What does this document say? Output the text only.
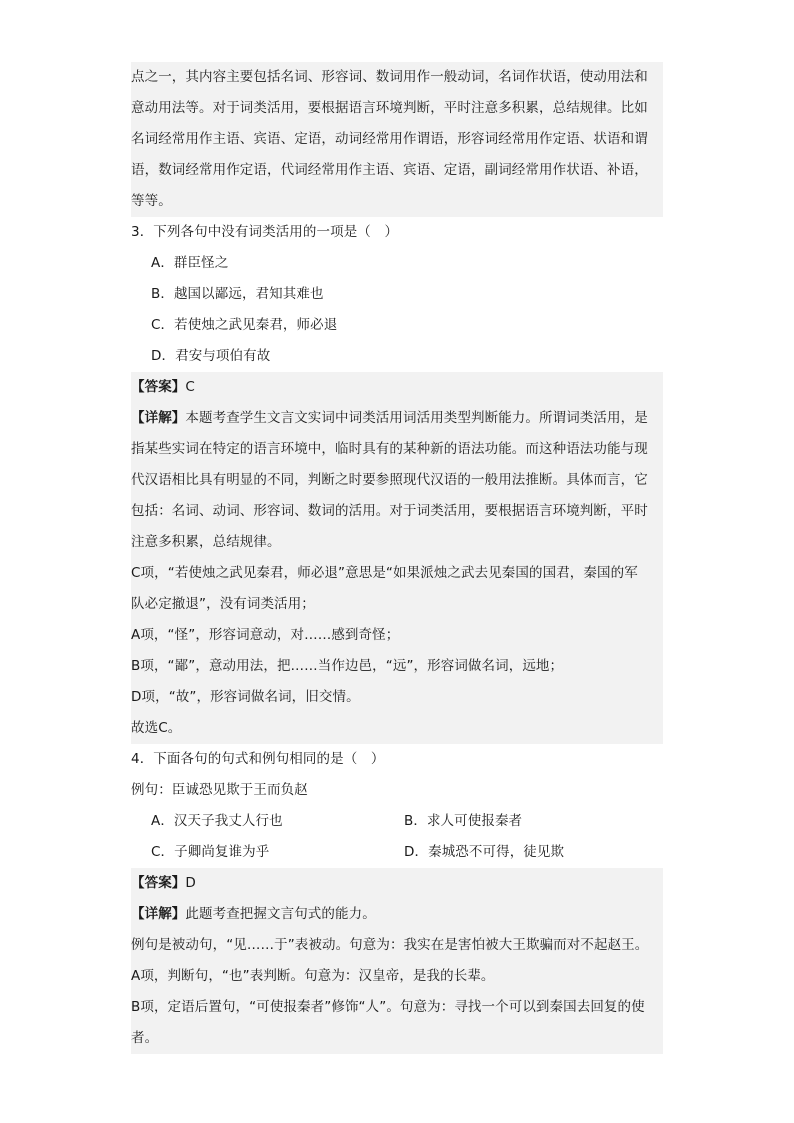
点之一，其内容主要包括名词、形容词、数词用作一般动词，名词作状语，使动用法和
意动用法等。对于词类活用，要根据语言环境判断，平时注意多积累，总结规律。比如
名词经常用作主语、宾语、定语，动词经常用作谓语，形容词经常用作定语、状语和谓
语，数词经常用作定语，代词经常用作主语、宾语、定语，副词经常用作状语、补语，
等等。
3．下列各句中没有词类活用的一项是（　）
A．群臣怪之
B．越国以鄙远，君知其难也
C．若使烛之武见秦君，师必退
D．君安与项伯有故
【答案】C
【详解】本题考查学生文言文实词中词类活用词活用类型判断能力。所谓词类活用，是
指某些实词在特定的语言环境中，临时具有的某种新的语法功能。而这种语法功能与现
代汉语相比具有明显的不同，判断之时要参照现代汉语的一般用法推断。具体而言，它
包括：名词、动词、形容词、数词的活用。对于词类活用，要根据语言环境判断，平时
注意多积累，总结规律。
C项，“若使烛之武见秦君，师必退”意思是“如果派烛之武去见秦国的国君，秦国的军
队必定撤退”，没有词类活用；
A项，“怪”，形容词意动，对……感到奇怪；
B项，“鄙”，意动用法，把……当作边邑，“远”，形容词做名词，远地；
D项，“故”，形容词做名词，旧交情。
故选C。
4．下面各句的句式和例句相同的是（　）
例句：臣诚恐见欺于王而负赵
A．汉天子我丈人行也	B．求人可使报秦者
C．子卿尚复谁为乎	D．秦城恐不可得，徒见欺
【答案】D
【详解】此题考查把握文言句式的能力。
例句是被动句，“见……于”表被动。句意为：我实在是害怕被大王欺骗而对不起赵王。
A项，判断句，“也”表判断。句意为：汉皇帝，是我的长辈。
B项，定语后置句，“可使报秦者”修饰“人”。句意为：寻找一个可以到秦国去回复的使
者。
